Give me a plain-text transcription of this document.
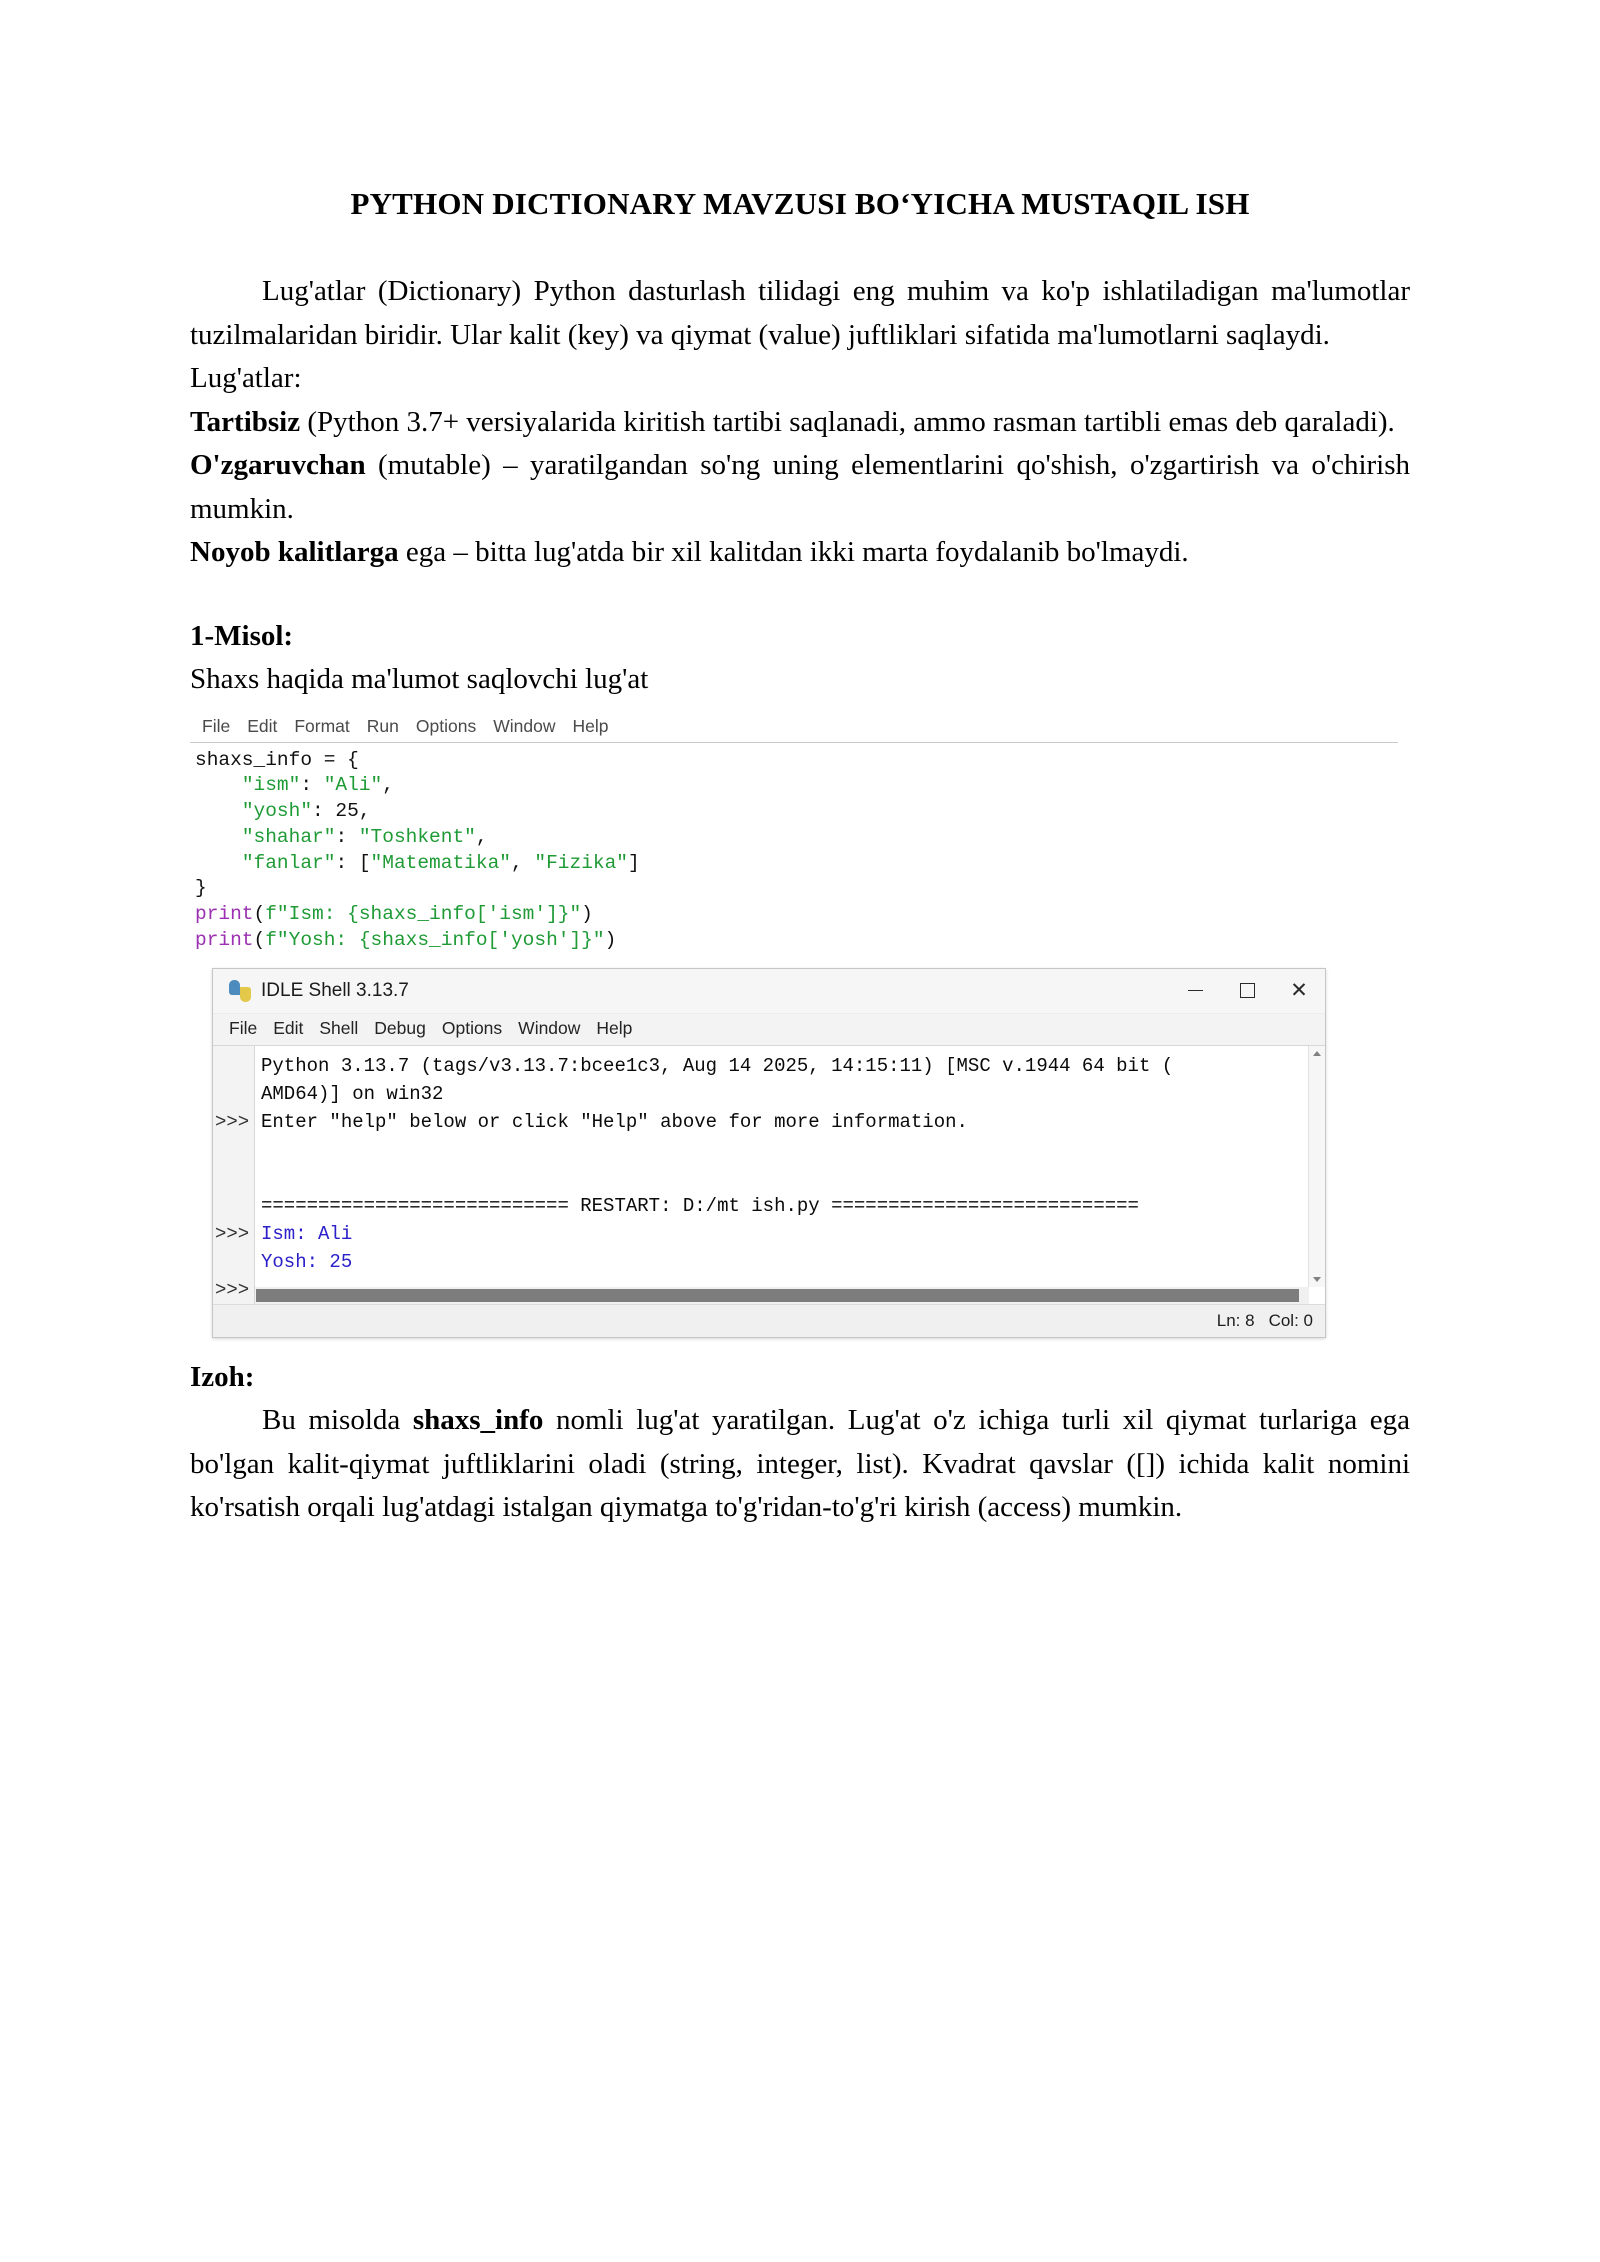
PYTHON DICTIONARY MAVZUSI BO‘YICHA MUSTAQIL ISH

Lug'atlar (Dictionary) Python dasturlash tilidagi eng muhim va ko'p ishlatiladigan ma'lumotlar tuzilmalaridan biridir. Ular kalit (key) va qiymat (value) juftliklari sifatida ma'lumotlarni saqlaydi.

Lug'atlar:

Tartibsiz (Python 3.7+ versiyalarida kiritish tartibi saqlanadi, ammo rasman tartibli emas deb qaraladi).

O'zgaruvchan (mutable) – yaratilgandan so'ng uning elementlarini qo'shish, o'zgartirish va o'chirish mumkin.

Noyob kalitlarga ega – bitta lug'atda bir xil kalitdan ikki marta foydalanib bo'lmaydi.

1-Misol:

Shaxs haqida ma'lumot saqlovchi lug'at

File Edit Format Run Options Window Help
shaxs_info = {
"ism": "Ali",
"yosh": 25,
"shahar": "Toshkent",
"fanlar": ["Matematika", "Fizika"]
}
print(f"Ism: {shaxs_info['ism']}")
print(f"Yosh: {shaxs_info['yosh']}")
IDLE Shell 3.13.7	✕
File Edit Shell Debug Options Window Help
>>>
>>>
>>>
Python 3.13.7 (tags/v3.13.7:bcee1c3, Aug 14 2025, 14:15:11) [MSC v.1944 64 bit (
AMD64)] on win32
Enter "help" below or click "Help" above for more information.

=========================== RESTART: D:/mt ish.py ===========================
Ism: Ali
Yosh: 25

Ln: 8 Col: 0

Izoh:

Bu misolda shaxs_info nomli lug'at yaratilgan. Lug'at o'z ichiga turli xil qiymat turlariga ega bo'lgan kalit-qiymat juftliklarini oladi (string, integer, list). Kvadrat qavslar ([]) ichida kalit nomini ko'rsatish orqali lug'atdagi istalgan qiymatga to'g'ridan-to'g'ri kirish (access) mumkin.
